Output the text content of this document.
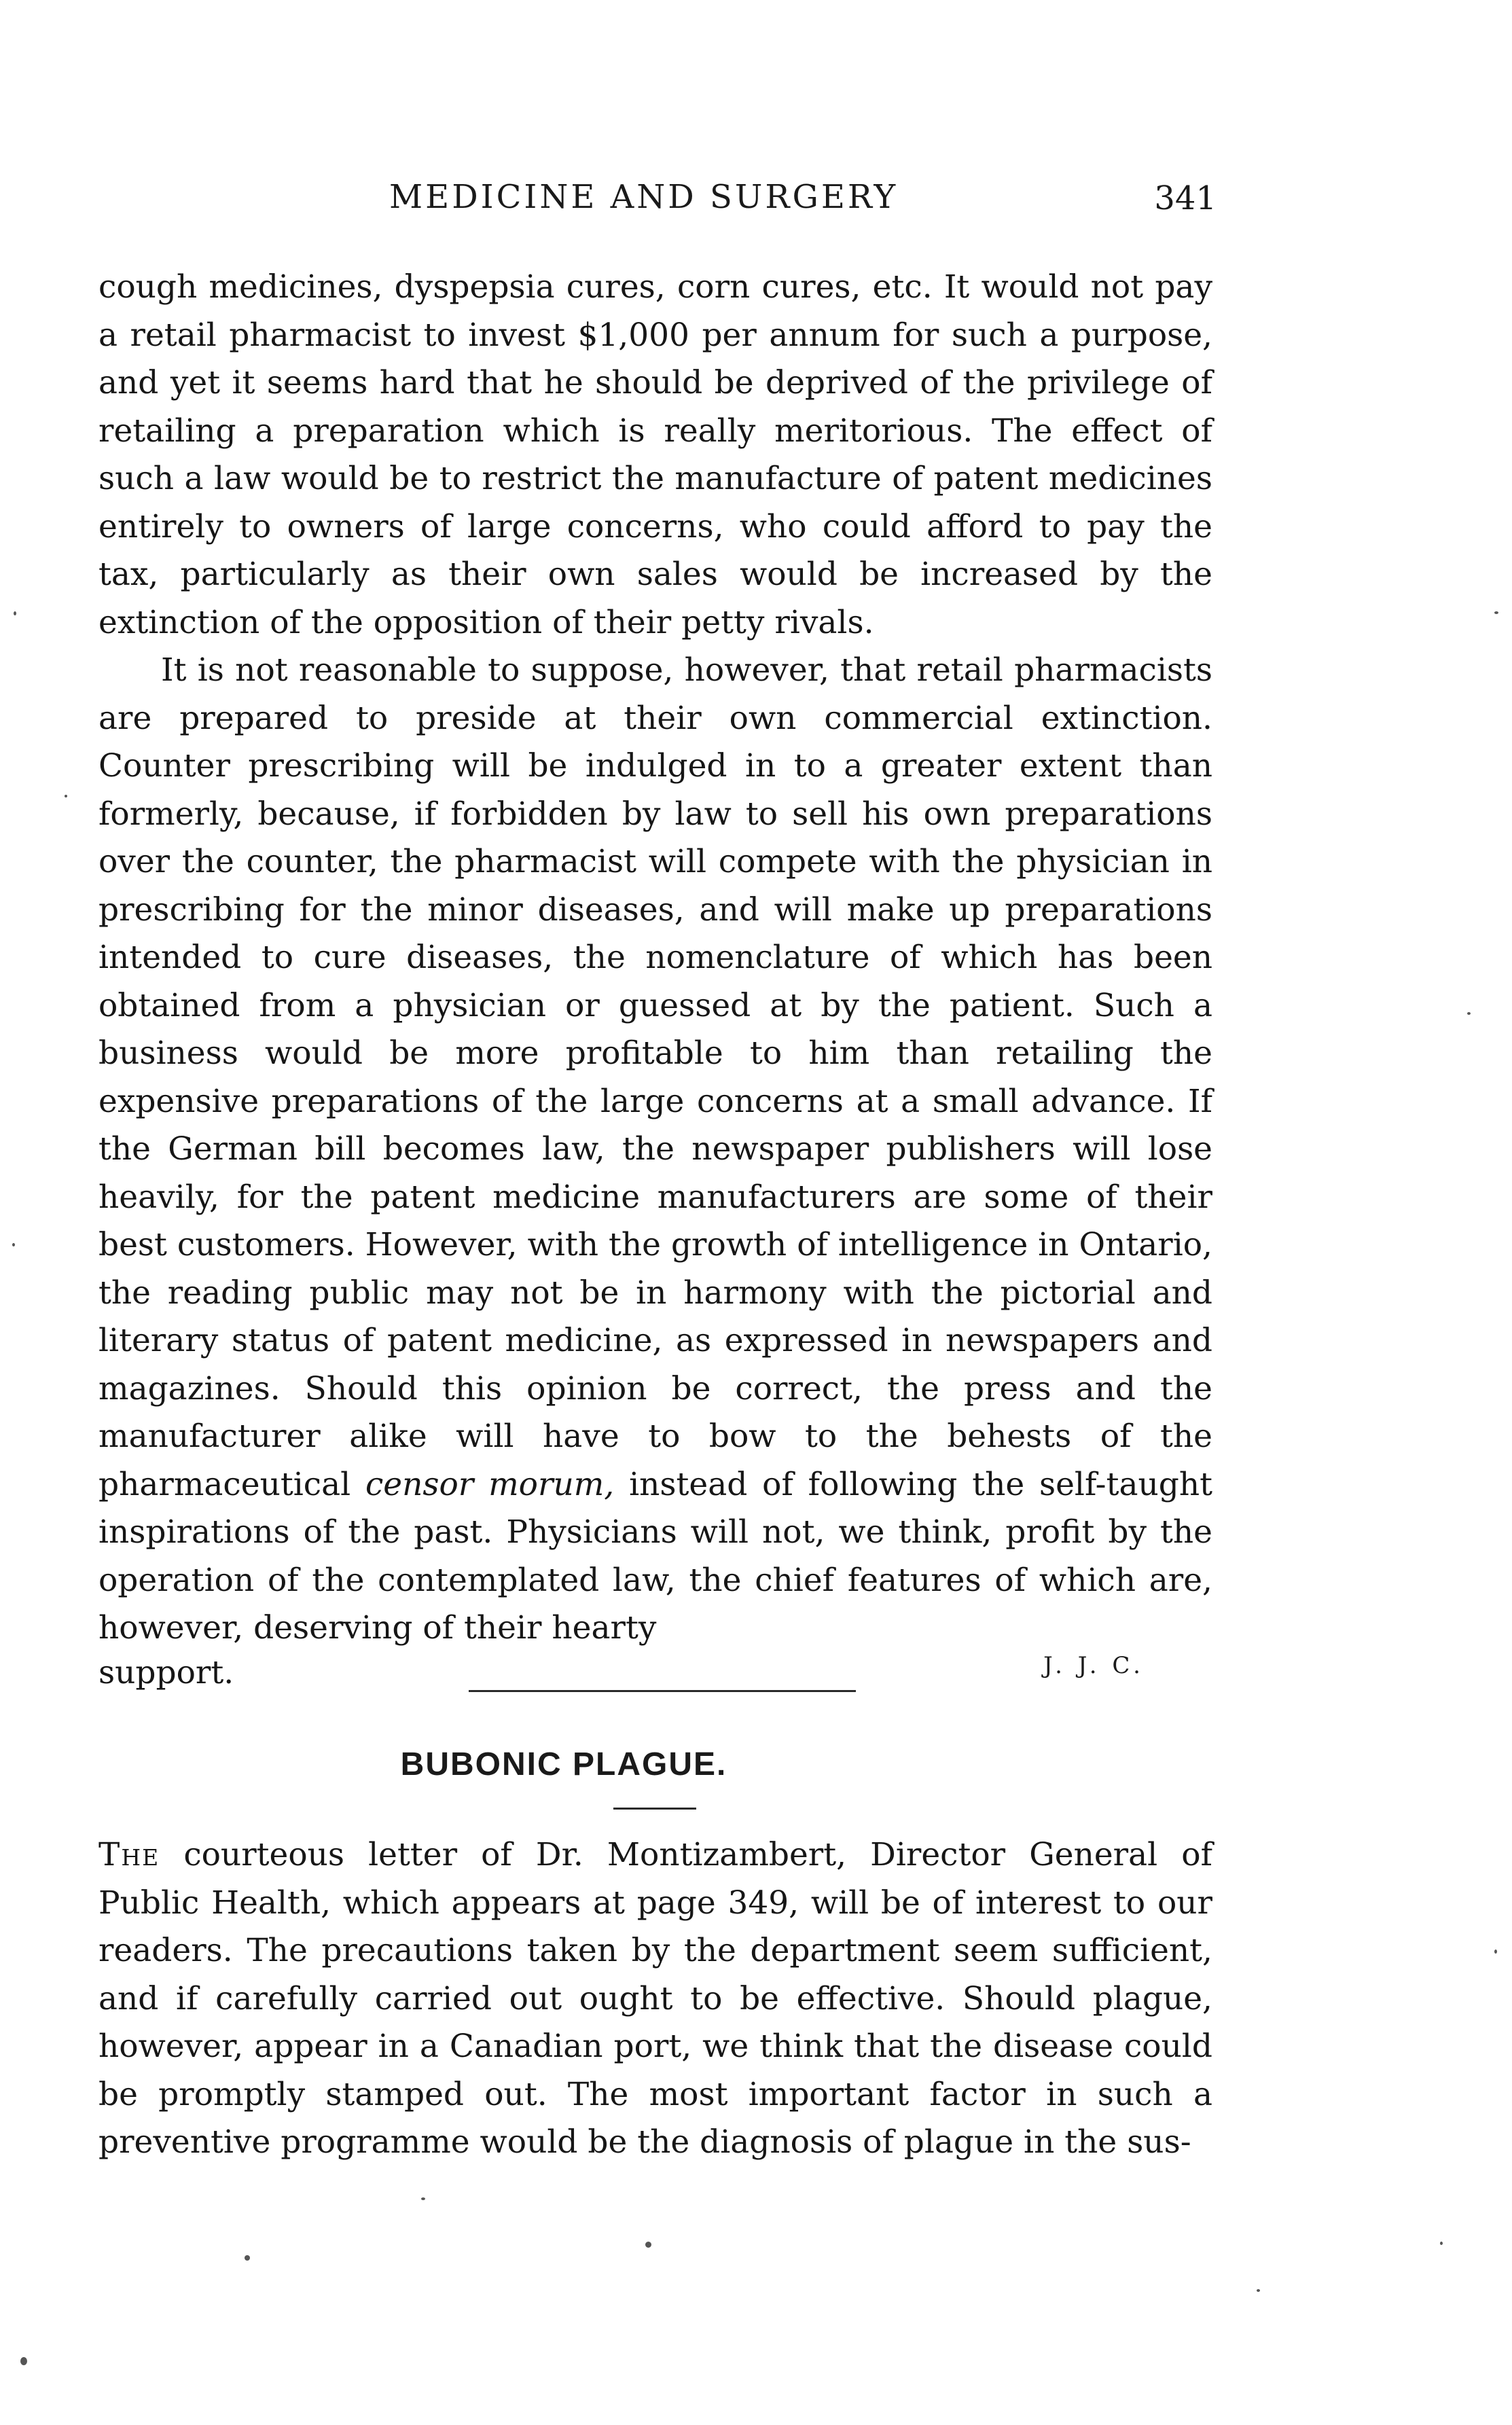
MEDICINE AND SURGERY	341

cough medicines, dyspepsia cures, corn cures, etc. It would not pay a retail pharmacist to invest $1,000 per annum for such a purpose, and yet it seems hard that he should be deprived of the privilege of retailing a preparation which is really meritorious. The effect of such a law would be to restrict the manufacture of patent medicines entirely to owners of large concerns, who could afford to pay the tax, particularly as their own sales would be increased by the extinction of the opposition of their petty rivals.

It is not reasonable to suppose, however, that retail pharmacists are prepared to preside at their own commercial extinction. Counter prescribing will be indulged in to a greater extent than formerly, because, if forbidden by law to sell his own preparations over the counter, the pharmacist will compete with the physician in prescribing for the minor diseases, and will make up preparations intended to cure diseases, the nomenclature of which has been obtained from a physician or guessed at by the patient. Such a business would be more profitable to him than retailing the expensive preparations of the large concerns at a small advance. If the German bill becomes law, the newspaper publishers will lose heavily, for the patent medicine manufacturers are some of their best customers. However, with the growth of intelligence in Ontario, the reading public may not be in harmony with the pictorial and literary status of patent medicine, as expressed in newspapers and magazines. Should this opinion be correct, the press and the manufacturer alike will have to bow to the behests of the pharmaceutical censor morum, instead of following the self-taught inspirations of the past. Physicians will not, we think, profit by the operation of the contemplated law, the chief features of which are, however, deserving of their hearty

support.	J. J. C.
BUBONIC PLAGUE.

The courteous letter of Dr. Montizambert, Director General of Public Health, which appears at page 349, will be of interest to our readers. The precautions taken by the department seem sufficient, and if carefully carried out ought to be effective. Should plague, however, appear in a Canadian port, we think that the disease could be promptly stamped out. The most important factor in such a preventive programme would be the diagnosis of plague in the sus-
